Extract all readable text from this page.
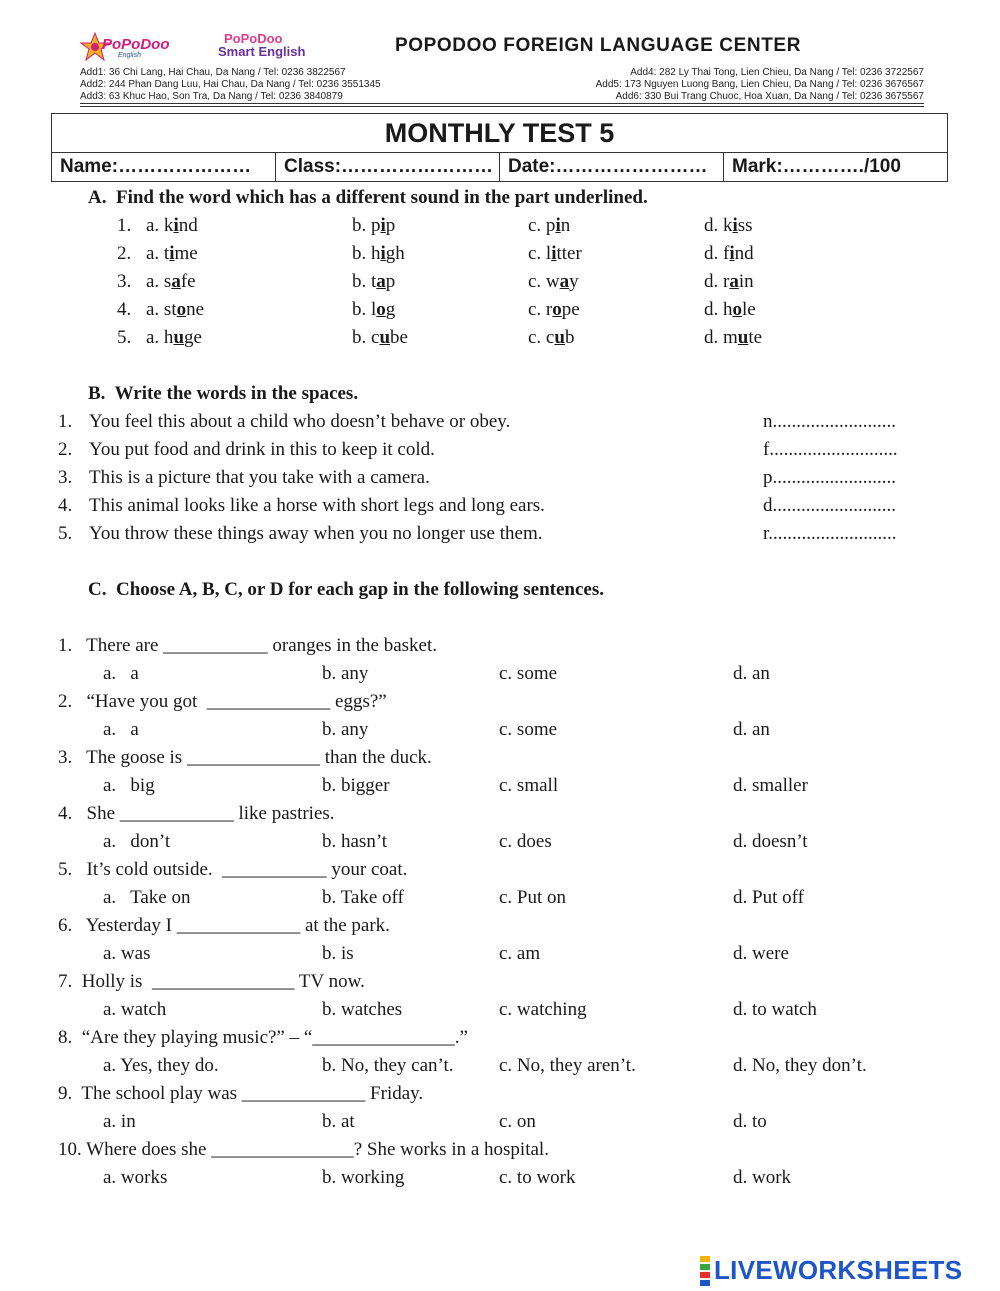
PoPoDoo
English
PoPoDoo
Smart English	POPODOO FOREIGN LANGUAGE CENTER
Add1: 36 Chi Lang, Hai Chau, Da Nang / Tel: 0236 3822567
Add2: 244 Phan Dang Luu, Hai Chau, Da Nang / Tel: 0236 3551345
Add3: 63 Khuc Hao, Son Tra, Da Nang / Tel: 0236 3840879
Add4: 282 Ly Thai Tong, Lien Chieu, Da Nang / Tel: 0236 3722567
Add5: 173 Nguyen Luong Bang, Lien Chieu, Da Nang / Tel: 0236 3676567
Add6: 330 Bui Trang Chuoc, Hoa Xuan, Da Nang / Tel: 0236 3675567
MONTHLY TEST 5
Name:…………………	Class:…………………… Date:……………………	Mark:…………./100
A. Find the word which has a different sound in the part underlined.
1. a. kind	b. pip	c. pin	d. kiss
2. a. time	b. high	c. litter	d. find
3. a. safe	b. tap	c. way	d. rain
4. a. stone	b. log	c. rope	d. hole
5. a. huge	b. cube	c. cub	d. mute
B. Write the words in the spaces.
1. You feel this about a child who doesn’t behave or obey.	n..........................
2. You put food and drink in this to keep it cold.	f...........................
3. This is a picture that you take with a camera.	p..........................
4. This animal looks like a horse with short legs and long ears.	d..........................
5. You throw these things away when you no longer use them.	r...........................
C. Choose A, B, C, or D for each gap in the following sentences.
1.   There are ___________ oranges in the basket.
a.   a	b. any	c. some	d. an
2.   “Have you got  _____________ eggs?”
a.   a	b. any	c. some	d. an
3.   The goose is ______________ than the duck.
a.   big	b. bigger	c. small	d. smaller
4.   She ____________ like pastries.
a.   don’t	b. hasn’t	c. does	d. doesn’t
5.   It’s cold outside.  ___________ your coat.
a.   Take on	b. Take off	c. Put on	d. Put off
6.   Yesterday I _____________ at the park.
a. was	b. is	c. am	d. were
7.  Holly is  _______________ TV now.
a. watch	b. watches	c. watching	d. to watch
8.  “Are they playing music?” – “_______________.”
a. Yes, they do.	b. No, they can’t. c. No, they aren’t.	d. No, they don’t.
9.  The school play was _____________ Friday.
a. in	b. at	c. on	d. to
10. Where does she _______________? She works in a hospital.
a. works	b. working	c. to work	d. work
LIVEWORKSHEETS
